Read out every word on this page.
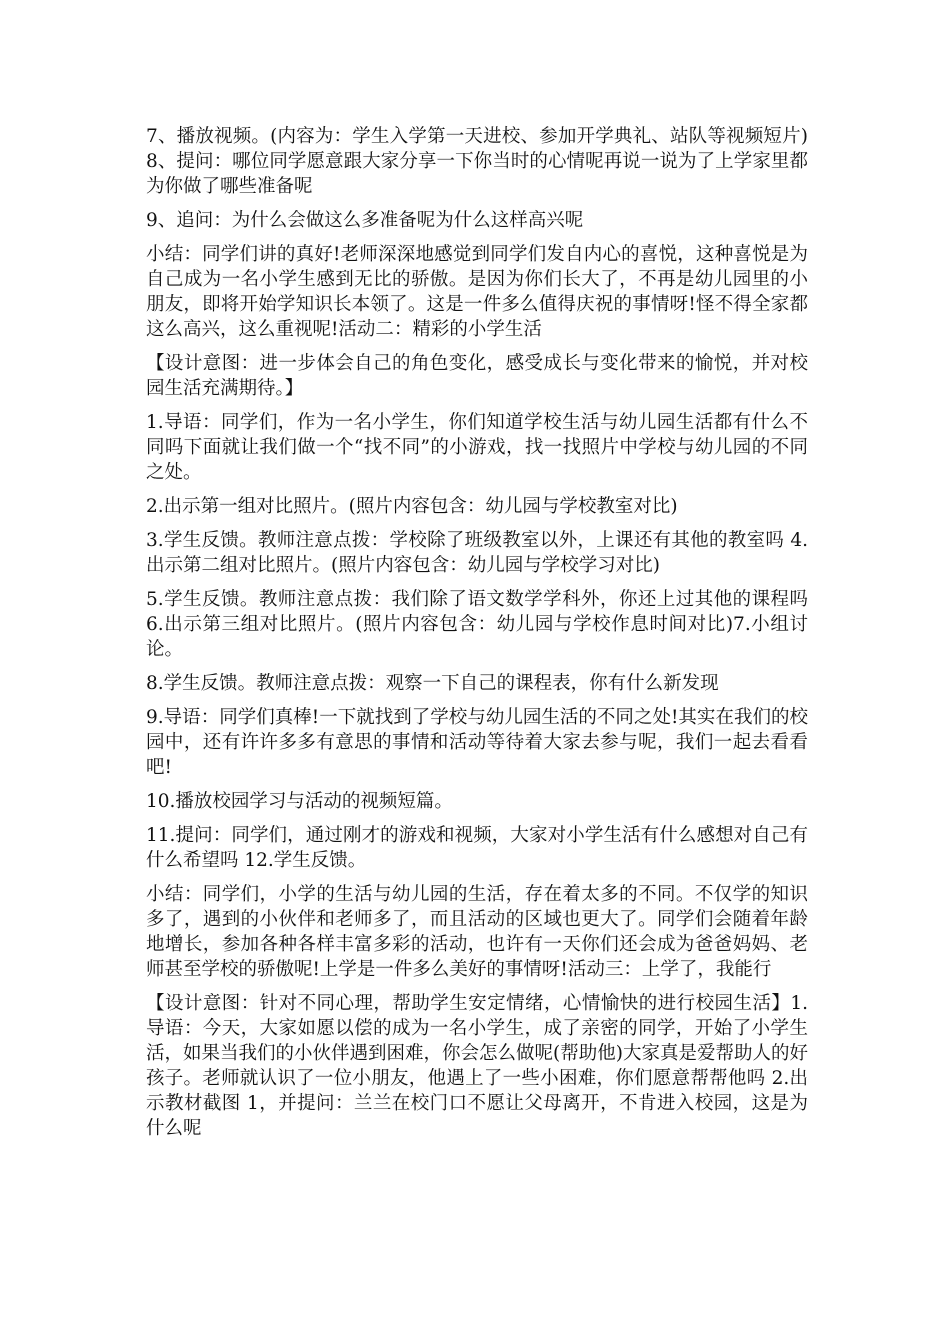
7、播放视频。(内容为：学生入学第一天进校、参加开学典礼、站队等视频短片)8、提问：哪位同学愿意跟大家分享一下你当时的心情呢再说一说为了上学家里都为你做了哪些准备呢

9、追问：为什么会做这么多准备呢为什么这样高兴呢

小结：同学们讲的真好!老师深深地感觉到同学们发自内心的喜悦，这种喜悦是为自己成为一名小学生感到无比的骄傲。是因为你们长大了，不再是幼儿园里的小朋友，即将开始学知识长本领了。这是一件多么值得庆祝的事情呀!怪不得全家都这么高兴，这么重视呢!活动二：精彩的小学生活

【设计意图：进一步体会自己的角色变化，感受成长与变化带来的愉悦，并对校园生活充满期待。】

1.导语：同学们，作为一名小学生，你们知道学校生活与幼儿园生活都有什么不同吗下面就让我们做一个“找不同”的小游戏，找一找照片中学校与幼儿园的不同之处。

2.出示第一组对比照片。(照片内容包含：幼儿园与学校教室对比)

3.学生反馈。教师注意点拨：学校除了班级教室以外，上课还有其他的教室吗 4.出示第二组对比照片。(照片内容包含：幼儿园与学校学习对比)

5.学生反馈。教师注意点拨：我们除了语文数学学科外，你还上过其他的课程吗 6.出示第三组对比照片。(照片内容包含：幼儿园与学校作息时间对比)7.小组讨论。

8.学生反馈。教师注意点拨：观察一下自己的课程表，你有什么新发现

9.导语：同学们真棒!一下就找到了学校与幼儿园生活的不同之处!其实在我们的校园中，还有许许多多有意思的事情和活动等待着大家去参与呢，我们一起去看看吧!

10.播放校园学习与活动的视频短篇。

11.提问：同学们，通过刚才的游戏和视频，大家对小学生活有什么感想对自己有什么希望吗 12.学生反馈。

小结：同学们，小学的生活与幼儿园的生活，存在着太多的不同。不仅学的知识多了，遇到的小伙伴和老师多了，而且活动的区域也更大了。同学们会随着年龄地增长，参加各种各样丰富多彩的活动，也许有一天你们还会成为爸爸妈妈、老师甚至学校的骄傲呢!上学是一件多么美好的事情呀!活动三：上学了，我能行

【设计意图：针对不同心理，帮助学生安定情绪，心情愉快的进行校园生活】1.导语：今天，大家如愿以偿的成为一名小学生，成了亲密的同学，开始了小学生活，如果当我们的小伙伴遇到困难，你会怎么做呢(帮助他)大家真是爱帮助人的好孩子。老师就认识了一位小朋友，他遇上了一些小困难，你们愿意帮帮他吗 2.出示教材截图 1，并提问：兰兰在校门口不愿让父母离开，不肯进入校园，这是为什么呢
